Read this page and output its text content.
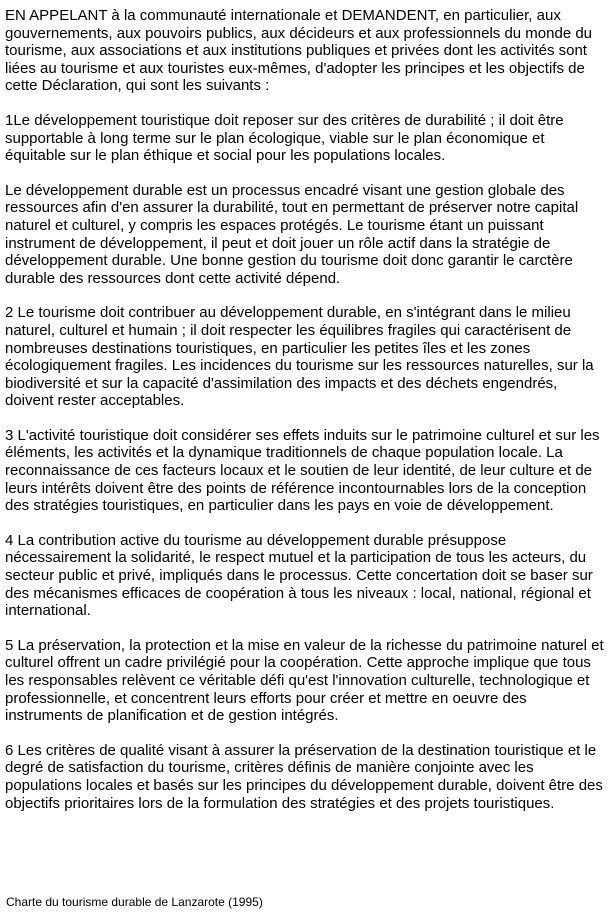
EN APPELANT à la communauté internationale et DEMANDENT, en particulier, aux gouvernements, aux pouvoirs publics, aux décideurs et aux professionnels du monde du tourisme, aux associations et aux institutions publiques et privées dont les activités sont liées au tourisme et aux touristes eux-mêmes, d'adopter les principes et les objectifs de cette Déclaration, qui sont les suivants :

1Le développement touristique doit reposer sur des critères de durabilité ; il doit être supportable à long terme sur le plan écologique, viable sur le plan économique et équitable sur le plan éthique et social pour les populations locales.

Le développement durable est un processus encadré visant une gestion globale des ressources afin d'en assurer la durabilité, tout en permettant de préserver notre capital naturel et culturel, y compris les espaces protégés. Le tourisme étant un puissant instrument de développement, il peut et doit jouer un rôle actif dans la stratégie de développement durable. Une bonne gestion du tourisme doit donc garantir le carctère durable des ressources dont cette activité dépend.

2 Le tourisme doit contribuer au développement durable, en s'intégrant dans le milieu naturel, culturel et humain ; il doit respecter les équilibres fragiles qui caractérisent de nombreuses destinations touristiques, en particulier les petites îles et les zones écologiquement fragiles. Les incidences du tourisme sur les ressources naturelles, sur la biodiversité et sur la capacité d'assimilation des impacts et des déchets engendrés, doivent rester acceptables.

3 L'activité touristique doit considérer ses effets induits sur le patrimoine culturel et sur les éléments, les activités et la dynamique traditionnels de chaque population locale. La reconnaissance de ces facteurs locaux et le soutien de leur identité, de leur culture et de leurs intérêts doivent être des points de référence incontournables lors de la conception des stratégies touristiques, en particulier dans les pays en voie de développement.

4 La contribution active du tourisme au développement durable présuppose nécessairement la solidarité, le respect mutuel et la participation de tous les acteurs, du secteur public et privé, impliqués dans le processus. Cette concertation doit se baser sur des mécanismes efficaces de coopération à tous les niveaux : local, national, régional et international.

5 La préservation, la protection et la mise en valeur de la richesse du patrimoine naturel et culturel offrent un cadre privilégié pour la coopération. Cette approche implique que tous les responsables relèvent ce véritable défi qu'est l'innovation culturelle, technologique et professionnelle, et concentrent leurs efforts pour créer et mettre en oeuvre des instruments de planification et de gestion intégrés.

6 Les critères de qualité visant à assurer la préservation de la destination touristique et le degré de satisfaction du tourisme, critères définis de manière conjointe avec les populations locales et basés sur les principes du développement durable, doivent être des objectifs prioritaires lors de la formulation des stratégies et des projets touristiques.

Charte du tourisme durable de Lanzarote (1995)
